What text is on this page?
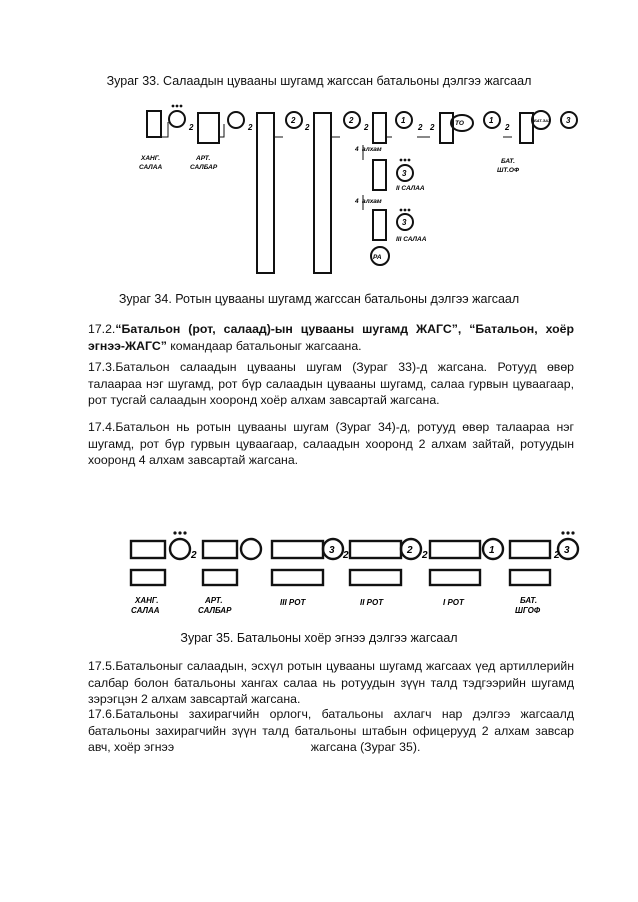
Зураг 33. Салаадын цуваaны шугамд жагссан батальоны дэлгээ жагсаал
ХАНГ.
САЛАА
АРТ.
САЛБАР
БАТ.
ШТ.ОФ
II САЛАА
III САЛАА
4 алхам
4 алхам
РА
ТО	БАТ.ЗАХ
2	2	1	1	3
3
3
2	2	2	2	2 2	2
2	2	2	2
3	2	1	3
ХАНГ.
САЛАА
АРТ.
САЛБАР
III РОТ	II РОТ	I РОТ	БАТ.
ШГОФ
Зураг 34. Ротын цуваaны шугамд жагссан батальоны дэлгээ жагсаал
17.2.“Батальон (рот, салаад)-ын цуваaны шугамд ЖАГС”, “Батальон, хоёр эгнээ-ЖАГС” командаар батальоныг жагсаана.
17.3.Батальон салаадын цуваaны шугам (Зураг 33)-д жагсана. Ротууд өвөр талаараа нэг шугамд, рот бүр салаадын цуваaны шугамд, салаа гурвын цуваагаар, рот тусгай салаадын хооронд хоёр алхам завсартай жагсана.
17.4.Батальон нь ротын цуваaны шугам (Зураг 34)-д, ротууд өвөр талаараа нэг шугамд, рот бүр гурвын цуваагаар, салаадын хооронд 2 алхам зайтай, ротуудын хооронд 4 алхам завсартай жагсана.
Зураг 35. Батальоны хоёр эгнээ дэлгээ жагсаал
17.5.Батальоныг салаадын, эсхүл ротын цуваaны шугамд жагсаах үед артиллерийн салбар болон батальоны хангах салаа нь ротуудын зүүн талд тэдгээрийн шугамд зэрэгцэн 2 алхам завсартай жагсана.
17.6.Батальоны захирагчийн орлогч, батальоны ахлагч нар дэлгээ жагсаалд батальоны захирагчийн зүүн талд батальоны штабын офицерууд 2 алхам завсар авч, хоёр эгнээ                                        жагсана (Зураг 35).
